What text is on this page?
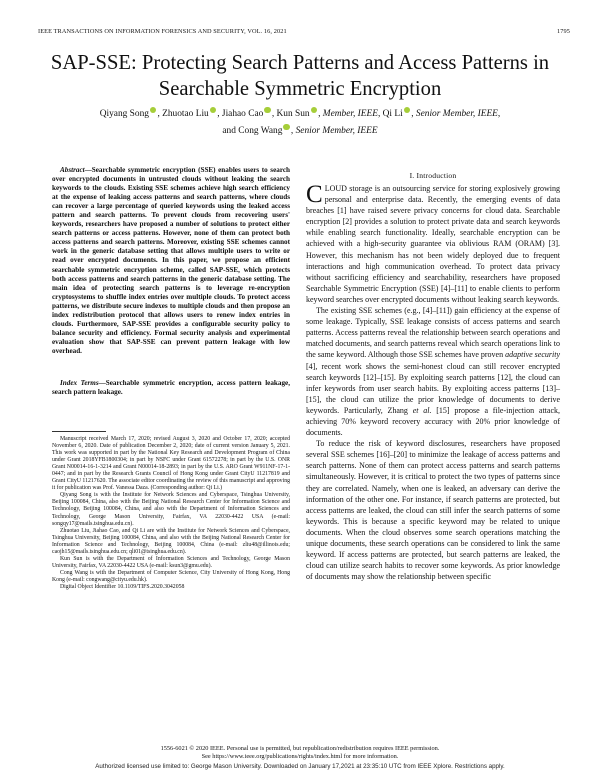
IEEE TRANSACTIONS ON INFORMATION FORENSICS AND SECURITY, VOL. 16, 2021	1795
SAP-SSE: Protecting Search Patterns and Access Patterns in Searchable Symmetric Encryption
Qiyang Song , Zhuotao Liu , Jiahao Cao , Kun Sun , Member, IEEE, Qi Li , Senior Member, IEEE,
and Cong Wang , Senior Member, IEEE
Abstract—Searchable symmetric encryption (SSE) enables users to search over encrypted documents in untrusted clouds without leaking the search keywords to the clouds. Existing SSE schemes achieve high search efficiency at the expense of leaking access patterns and search patterns, where clouds can recover a large percentage of queried keywords using the leaked access pattern and search patterns. To prevent clouds from recovering users' keywords, researchers have proposed a number of solutions to protect either search patterns or access patterns. However, none of them can protect both access patterns and search patterns. Moreover, existing SSE schemes cannot work in the generic database setting that allows multiple users to write or read over encrypted documents. In this paper, we propose an efficient searchable symmetric encryption scheme, called SAP-SSE, which protects both access patterns and search patterns in the generic database setting. The main idea of protecting search patterns is to leverage re-encryption cryptosystems to shuffle index entries over multiple clouds. To protect access patterns, we distribute secure indexes to multiple clouds and then propose an index redistribution protocol that allows users to renew index entries in clouds. Furthermore, SAP-SSE provides a configurable security policy to balance security and efficiency. Formal security analysis and experimental evaluation show that SAP-SSE can prevent pattern leakage with low overhead.
Index Terms—Searchable symmetric encryption, access pattern leakage, search pattern leakage.

Manuscript received March 17, 2020; revised August 3, 2020 and October 17, 2020; accepted November 6, 2020. Date of publication December 2, 2020; date of current version January 5, 2021. This work was supported in part by the National Key Research and Development Program of China under Grant 2018YFB1800304; in part by NSFC under Grant 61572278; in part by the U.S. ONR Grant N00014-16-1-3214 and Grant N00014-18-2893; in part by the U.S. ARO Grant W911NF-17-1-0447; and in part by the Research Grants Council of Hong Kong under Grant CityU 11217819 and Grant CityU 11217620. The associate editor coordinating the review of this manuscript and approving it for publication was Prof. Vanessa Daza. (Corresponding author: Qi Li.)

Qiyang Song is with the Institute for Network Sciences and Cyberspace, Tsinghua University, Beijing 100084, China, also with the Beijing National Research Center for Information Science and Technology, Beijing 100084, China, and also with the Department of Information Sciences and Technology, George Mason University, Fairfax, VA 22030-4422 USA (e-mail: songqy17@mails.tsinghua.edu.cn).

Zhuotao Liu, Jiahao Cao, and Qi Li are with the Institute for Network Sciences and Cyberspace, Tsinghua University, Beijing 100084, China, and also with the Beijing National Research Center for Information Science and Technology, Beijing 100084, China (e-mail: zliu48@illinois.edu; caojh15@mails.tsinghua.edu.cn; qli01@tsinghua.edu.cn).

Kun Sun is with the Department of Information Sciences and Technology, George Mason University, Fairfax, VA 22030-4422 USA (e-mail: ksun3@gmu.edu).

Cong Wang is with the Department of Computer Science, City University of Hong Kong, Hong Kong (e-mail: congwang@cityu.edu.hk).

Digital Object Identifier 10.1109/TIFS.2020.3042058

I. Introduction

CLOUD storage is an outsourcing service for storing explosively growing personal and enterprise data. Recently, the emerging events of data breaches [1] have raised severe privacy concerns for cloud data. Searchable encryption [2] provides a solution to protect private data and search keywords while enabling search functionality. Ideally, searchable encryption can be achieved with a high-security guarantee via oblivious RAM (ORAM) [3]. However, this mechanism has not been widely deployed due to frequent interactions and high communication overhead. To protect data privacy without sacrificing efficiency and searchability, researchers have proposed Searchable Symmetric Encryption (SSE) [4]–[11] to enable clients to perform keyword searches over encrypted documents without leaking search keywords.

The existing SSE schemes (e.g., [4]–[11]) gain efficiency at the expense of some leakage. Typically, SSE leakage consists of access patterns and search patterns. Access patterns reveal the relationship between search operations and matched documents, and search patterns reveal which search operations link to the same keyword. Although those SSE schemes have proven adaptive security [4], recent work shows the semi-honest cloud can still recover encrypted search keywords [12]–[15]. By exploiting search patterns [12], the cloud can infer keywords from user search habits. By exploiting access patterns [13]–[15], the cloud can utilize the prior knowledge of documents to derive keywords. Particularly, Zhang et al. [15] propose a file-injection attack, achieving 70% keyword recovery accuracy with 20% prior knowledge of documents.

To reduce the risk of keyword disclosures, researchers have proposed several SSE schemes [16]–[20] to minimize the leakage of access patterns and search patterns. None of them can protect access patterns and search patterns simultaneously. However, it is critical to protect the two types of patterns since they are correlated. Namely, when one is leaked, an adversary can derive the information of the other one. For instance, if search patterns are protected, but access patterns are leaked, the cloud can still infer the search patterns of some keywords. This is because a specific keyword may be related to unique documents. When the cloud observes some search operations matching the unique documents, these search operations can be considered to link the same keyword. If access patterns are protected, but search patterns are leaked, the cloud can utilize search habits to recover some keywords. As prior knowledge of documents may show the relationship between specific

1556-6021 © 2020 IEEE. Personal use is permitted, but republication/redistribution requires IEEE permission.
See https://www.ieee.org/publications/rights/index.html for more information.
Authorized licensed use limited to: George Mason University. Downloaded on January 17,2021 at 23:35:10 UTC from IEEE Xplore. Restrictions apply.
